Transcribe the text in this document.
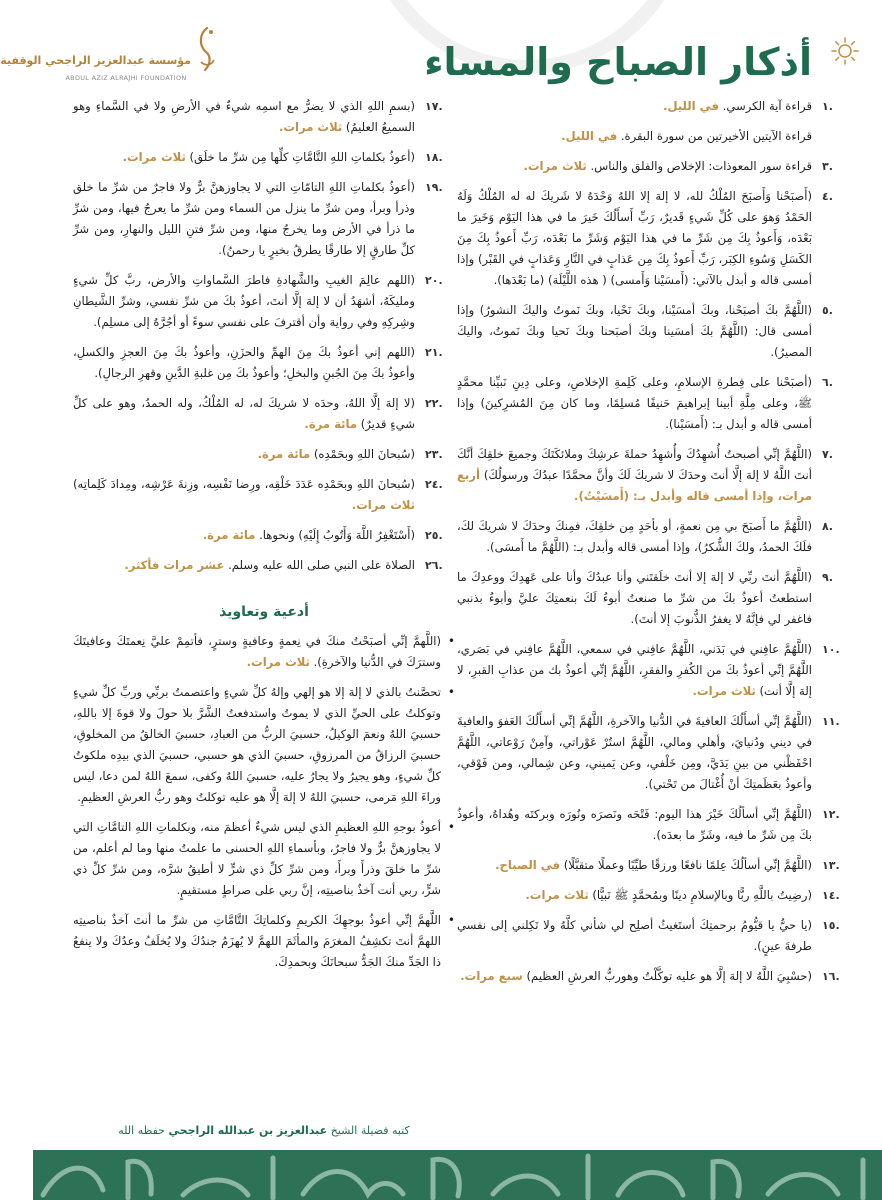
أذكار الصباح والمساء
مؤسسة عبدالعزيز الراجحي الوقفية
ABDUL AZIZ ALRAJHI FOUNDATION
.١
قراءة آية الكرسي. في الليل.
قراءة الآيتين الأخيرتين من سورة البقرة. في الليل.
.٣
قراءة سور المعوذات: الإخلاص والفلق والناس. ثلاث مرات.
.٤
(أَصبَحْنا وَأَصبَحَ المُلْكُ لله، لا إلهَ إلا اللهُ وَحْدَهُ لا شَريكَ له له المُلْكُ وَلَهُ الحَمْدُ وَهوَ على كُلِّ شَيءٍ قَديرٌ، رَبِّ أَسأَلُكَ خَيرَ ما في هذا اليَوْم وَخَيرَ ما بَعْدَه، وَأَعوذُ بِكَ مِن شَرِّ ما في هذا اليَوْم وَشَرِّ ما بَعْدَه، رَبِّ أَعوذُ بِكَ مِنَ الكَسَلِ وَسُوءِ الكِبَر، رَبِّ أَعوذُ بِكَ مِن عَذابٍ في النَّارِ وَعَذابٍ في القَبْر) وإذا أمسى قاله و أبدل بالآتي: (أَمسَيْنا وَأَمسى) ( هذه اللَّيْلَة) (ما بَعْدَها).
.٥
(اللَّهُمَّ بكَ أصبَحْنا، وبكَ أمسَيْنا، وبكَ نَحْيا، وبكَ نَموتُ واليكَ النشورُ) وإذا أمسى قال: (اللَّهُمَّ بكَ أمسَينا وبكَ أصبَحنا وبكَ نَحيا وبكَ نَموتُ، واليكَ المصيرُ).
.٦
(أصبَحْنا على فِطرةِ الإسلامِ، وعلى كَلِمةِ الإخلاصِ، وعلى دِينِ نَبيِّنا محمَّدٍ ﷺ، وعلى مِلَّةِ أبينا إبراهيمَ حَنيفًا مُسلِمًا، وما كان مِنَ المُشرِكينَ) وإذا أمسى قاله و أبدل بـ: (أَمسَيْنا).
.٧
(اللَّهُمَّ إنِّي أصبحتُ أُشهِدُكَ وأُشهِدُ حملةَ عرشِكَ وملائكَتَكَ وجميعَ خلقِكَ أنَّكَ أنتَ اللَّهُ لا إلهَ إلَّا أنتَ وحدَكَ لا شريكَ لَكَ وأنَّ محمَّدًا عبدُكَ ورسولُكَ) أربع مرات، وإذا أمسى قاله وأبدل بـ: (أَمسَيْتُ).
.٨
(اللَّهُمَّ ما أَصبَحَ بي مِن نعمةٍ، أو بأحَدٍ مِن خلقِكَ، فمِنكَ وحدَكَ لا شريكَ لكَ، فلَكَ الحمدُ، ولكَ الشُّكرُ)، وإذا أمسى قاله وأبدل بـ: (اللَّهُمَّ ما أَمسَى).
.٩
(اللَّهُمَّ أنتَ ربِّي لا إلهَ إلا أنتَ خلَقتَني وأنا عبدُكَ وأنا على عَهدِكَ ووعدِكَ ما استطعتُ أعوذُ بكَ من شرِّ ما صنعتُ أبوءُ لَكَ بنعمتِكَ عليَّ وأبوءُ بذنبي فاغفر لي فإنَّهُ لا يغفرُ الذُّنوبَ إلا أنتَ).
.١٠
(اللَّهُمَّ عافِني في بَدَني، اللَّهُمَّ عافِني في سمعي، اللَّهُمَّ عافِني في بَصَري، اللَّهُمَّ إنِّي أعوذُ بكَ من الكُفرِ والفقرِ، اللَّهُمَّ إنِّي أعوذُ بك من عذابِ القبرِ، لا إلهَ إلَّا أنت) ثلاث مرات.
.١١
(اللَّهُمَّ إنِّي أسأَلُكَ العافيةَ في الدُّنيا والآخرةِ، اللَّهُمَّ إنِّي أسأَلُكَ العَفوَ والعافيةَ في ديني ودُنيايَ، وأهلي ومالي، اللَّهُمَّ استُرْ عَوْراتي، وآمِنْ رَوْعاتي، اللَّهُمَّ احْفَظْني من بينِ يَدَيَّ، ومِن خَلْفي، وعن يَميني، وعن شِمالي، ومن فَوْقي، وأعوذُ بعَظَمتِكَ أنْ أُغْتالَ من تَحْتي).
.١٢
(اللَّهُمَّ إنِّي أسألُكَ خَيْرَ هذا اليوم: فَتْحَه ونَصرَه ونُورَه وبركتَه وهُداهُ، وأعوذُ بكَ مِن شَرِّ ما فيه، وشَرِّ ما بعدَه).
.١٣
(اللَّهُمَّ إنِّي أسألُكَ عِلمًا نافعًا ورزقًا طيِّبًا وعملًا متقبَّلًا) في الصباح.
.١٤
(رضِيتُ باللَّهِ ربًّا وبالإسلامِ دينًا وبمُحمَّدٍ ﷺ نَبيًّا) ثلاث مرات.
.١٥
(يا حيُّ يا قيُّومُ برحمتِكَ أستَغيثُ أصلِح لي شأني كلَّهُ ولا تَكِلني إلى نفسي طرفةَ عينٍ).
.١٦
(حسْبِيَ اللَّهُ لا إلهَ إلَّا هو عليه توكَّلْتُ وهوربُّ العرشِ العظيم) سبع مرات.
.١٧
(بسمِ اللهِ الذي لا يضرُّ مع اسمِه شيءٌ في الأرضِ ولا في السَّماءِ وهو السميعُ العليمُ) ثلاث مرات.
.١٨
(أعوذُ بكلماتِ اللهِ التَّامَّاتِ كلِّها مِن شرِّ ما خلَق) ثلاث مرات.
.١٩
(أعوذُ بكلماتِ اللهِ التامّاتِ التي لا يجاوزهنَّ برٌّ ولا فاجرٌ من شرِّ ما خلق وذرأ وبرأ، ومن شرِّ ما ينزل من السماء ومن شرِّ ما يعرجُ فيها، ومن شرِّ ما ذرأ في الأرض وما يخرجُ منها، ومن شرِّ فتنِ الليل والنهارِ، ومن شرِّ كلِّ طارقٍ إلا طارقًا يطرقُ بخيرٍ يا رحمنُ).
.٢٠
(اللهم عالِمَ الغيبِ والشَّهادةِ فاطرَ السَّماواتِ والأرض، ربَّ كلِّ شيءٍ ومليكَهُ، أشهَدُ أن لا إلهَ إلَّا أنتَ، أعوذُ بكَ من شرِّ نفسي، وشرِّ الشَّيطانِ وشِركِهِ وفي رواية وأن أقترفَ على نفسي سوءً أو أجُرَّهُ إلى مسلِم).
.٢١
(اللهم إني أعوذُ بكَ مِنَ الهمِّ والحزَنِ، وأعوذُ بكَ مِنَ العجزِ والكسلِ، وأعوذُ بكَ مِنَ الجُبنِ والبخلِ؛ وأعوذُ بكَ مِن غلبةِ الدَّينِ وقهرِ الرجالِ).
.٢٢
(لا إلهَ إلَّا اللهُ، وحدَه لا شريكَ له، له المُلْكُ، وله الحمدُ، وهو على كلِّ شيءٍ قديرٌ) مائة مرة.
.٢٣
(سُبحانَ اللهِ وبحَمْدِه) مائة مرة.
.٢٤
(سُبحانَ اللهِ وبحَمْدِه عَدَدَ خَلْقِه، ورِضا نَفْسِه، وزِنةَ عَرْشِه، ومِدادَ كَلِماتِه) ثلاث مرات.
.٢٥
(أَسْتَغْفِرُ اللَّهَ وَأَتُوبُ إِلَيْهِ) ونحوها. مائة مرة.
.٢٦
الصلاة على النبي صلى الله عليه وسلم. عشر مرات فأكثر.
أدعية وتعاويذ
•
(اللَّهمَّ إنِّي أصبَحْتُ منكَ في نِعمةٍ وعافيةٍ وسترٍ، فأتمِمْ عليَّ نِعمتَكَ وعافيتَكَ وسترَكَ في الدُّنيا والآخرةِ). ثلاث مرات.
•
تحصَّنتُ بالذي لا إلهَ إلا هو إلهي وإلهُ كلِّ شيءٍ واعتصمتُ بربِّي وربِّ كلِّ شيءٍ وتوكلتُ على الحيِّ الذي لا يموتُ واستدفعتُ الشَّرَّ بلا حولَ ولا قوةَ إلا باللهِ، حسبيَ اللهُ ونعمَ الوكيلُ، حسبيَ الربُّ من العبادِ، حسبيَ الخالقُ من المخلوقِ، حسبيَ الرزاقُ من المرزوقِ، حسبيَ الذي هو حسبي، حسبيَ الذي بيدِه ملكوتُ كلِّ شيءٍ، وهو يجيرُ ولا يجارُ عليه، حسبيَ اللهُ وكفى، سمعَ اللهُ لمن دعا، ليس وراءَ اللهِ مَرمى، حسبيَ اللهُ لا إلهَ إلَّا هو عليه توكلتُ وهو ربُّ العرشِ العظيمِ.
•
أعوذُ بوجهِ اللهِ العظيمِ الذي ليس شيءٌ أعظمَ منه، وبكلماتِ اللهِ التامَّاتِ التي لا يجاوزهنَّ برٌّ ولا فاجرٌ، وبأسماءِ اللهِ الحسنى ما علمتُ منها وما لم أعلم، من شرِّ ما خلقَ وذرأَ وبرأَ، ومن شرِّ كلِّ ذي شرٍّ لا أطيقُ شرَّه، ومن شرِّ كلِّ ذي شرٍّ، ربي أنت آخذٌ بناصيتِه، إنَّ ربي على صراطٍ مستقيمٍ.
•
اللَّهمَّ إنِّي أعوذُ بوجهِكَ الكريمِ وكلماتِكَ التَّامَّاتِ من شرِّ ما أنتَ آخذٌ بناصيتِه اللهمَّ أنتَ تكشِفُ المغرَمَ والمأثَمَ اللهمَّ لا يُهزَمُ جندُكَ ولا يُخلَفُ وعدُكَ ولا ينفعُ ذا الجَدِّ منكَ الجَدُّ سبحانَكَ وبحمدِكَ.
كتبه فضيلة الشيخ عبدالعزيز بن عبدالله الراجحي حفظه الله
